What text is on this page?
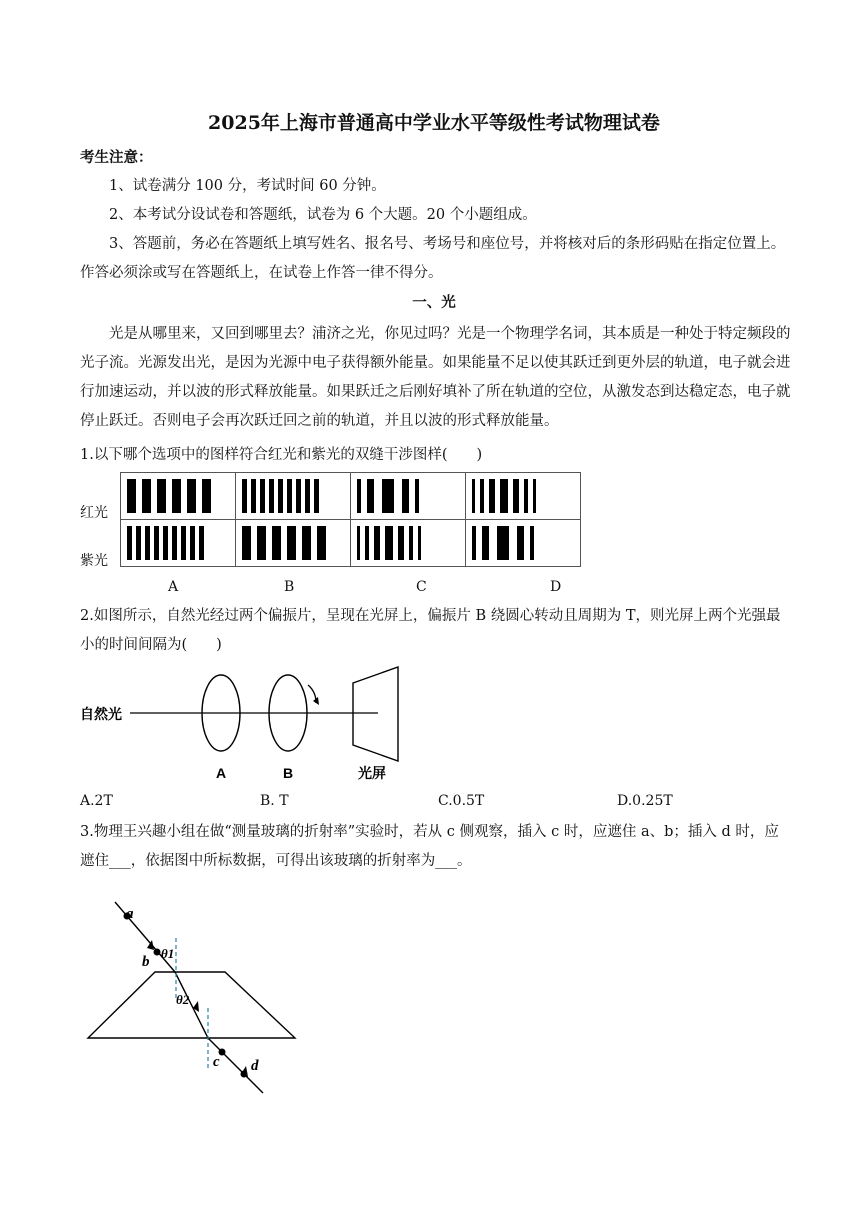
2025年上海市普通高中学业水平等级性考试物理试卷
考生注意：
1、试卷满分 100 分，考试时间 60 分钟。
2、本考试分设试卷和答题纸，试卷为 6 个大题。20 个小题组成。
3、答题前，务必在答题纸上填写姓名、报名号、考场号和座位号，并将核对后的条形码贴在指定位置上。作答必须涂或写在答题纸上，在试卷上作答一律不得分。
一、光
光是从哪里来，又回到哪里去？浦济之光，你见过吗？光是一个物理学名词，其本质是一种处于特定频段的光子流。光源发出光，是因为光源中电子获得额外能量。如果能量不足以使其跃迁到更外层的轨道，电子就会进行加速运动，并以波的形式释放能量。如果跃迁之后刚好填补了所在轨道的空位，从激发态到达稳定态，电子就停止跃迁。否则电子会再次跃迁回之前的轨道，并且以波的形式释放能量。
1.以下哪个选项中的图样符合红光和紫光的双缝干涉图样(　　)
红光
紫光

A	B	C	D
2.如图所示，自然光经过两个偏振片，呈现在光屏上，偏振片 B 绕圆心转动且周期为 T，则光屏上两个光强最小的时间间隔为(　　)
自然光
A	B	光屏
A.2T	B. T	C.0.5T	D.0.25T
3.物理王兴趣小组在做“测量玻璃的折射率”实验时，若从 c 侧观察，插入 c 时，应遮住 a、b；插入 d 时，应遮住___，依据图中所标数据，可得出该玻璃的折射率为___。
a
b
θ1
θ2
c d
